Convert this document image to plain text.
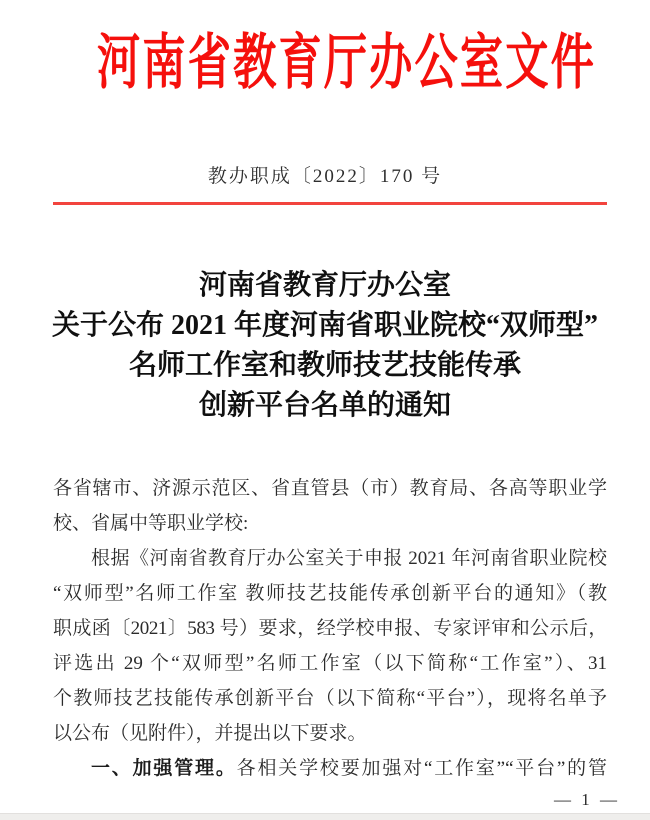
河南省教育厅办公室文件
教办职成〔2022〕170 号
河南省教育厅办公室
关于公布 2021 年度河南省职业院校“双师型”
名师工作室和教师技艺技能传承
创新平台名单的通知
各省辖市、济源示范区、省直管县（市）教育局、各高等职业学
校、省属中等职业学校:
根据《河南省教育厅办公室关于申报 2021 年河南省职业院校
“双师型”名师工作室 教师技艺技能传承创新平台的通知》（教
职成函〔2021〕583 号）要求，经学校申报、专家评审和公示后，
评选出 29 个“双师型”名师工作室（以下简称“工作室”）、31
个教师技艺技能传承创新平台（以下简称“平台”），现将名单予
以公布（见附件），并提出以下要求。
一、加强管理。各相关学校要加强对“工作室”“平台”的管
— 1 —
